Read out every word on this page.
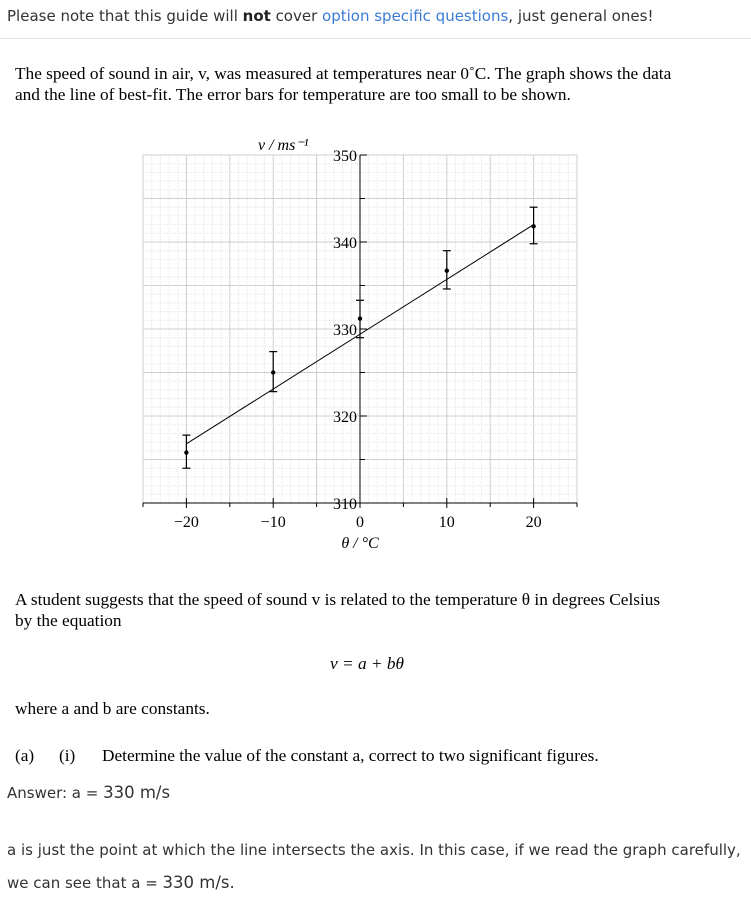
Please note that this guide will not cover option specific questions, just general ones!
The speed of sound in air, v, was measured at temperatures near 0˚C. The graph shows the data
and the line of best-fit. The error bars for temperature are too small to be shown.
−20	−10	0	10	20
310
320
330
340
350
v / ms⁻¹
θ / °C
A student suggests that the speed of sound v is related to the temperature θ in degrees Celsius
by the equation
v = a + bθ
where a and b are constants.
(a) (i) Determine the value of the constant a, correct to two significant figures.
Answer: a = 330 m/s
a is just the point at which the line intersects the axis. In this case, if we read the graph carefully,
we can see that a = 330 m/s.
